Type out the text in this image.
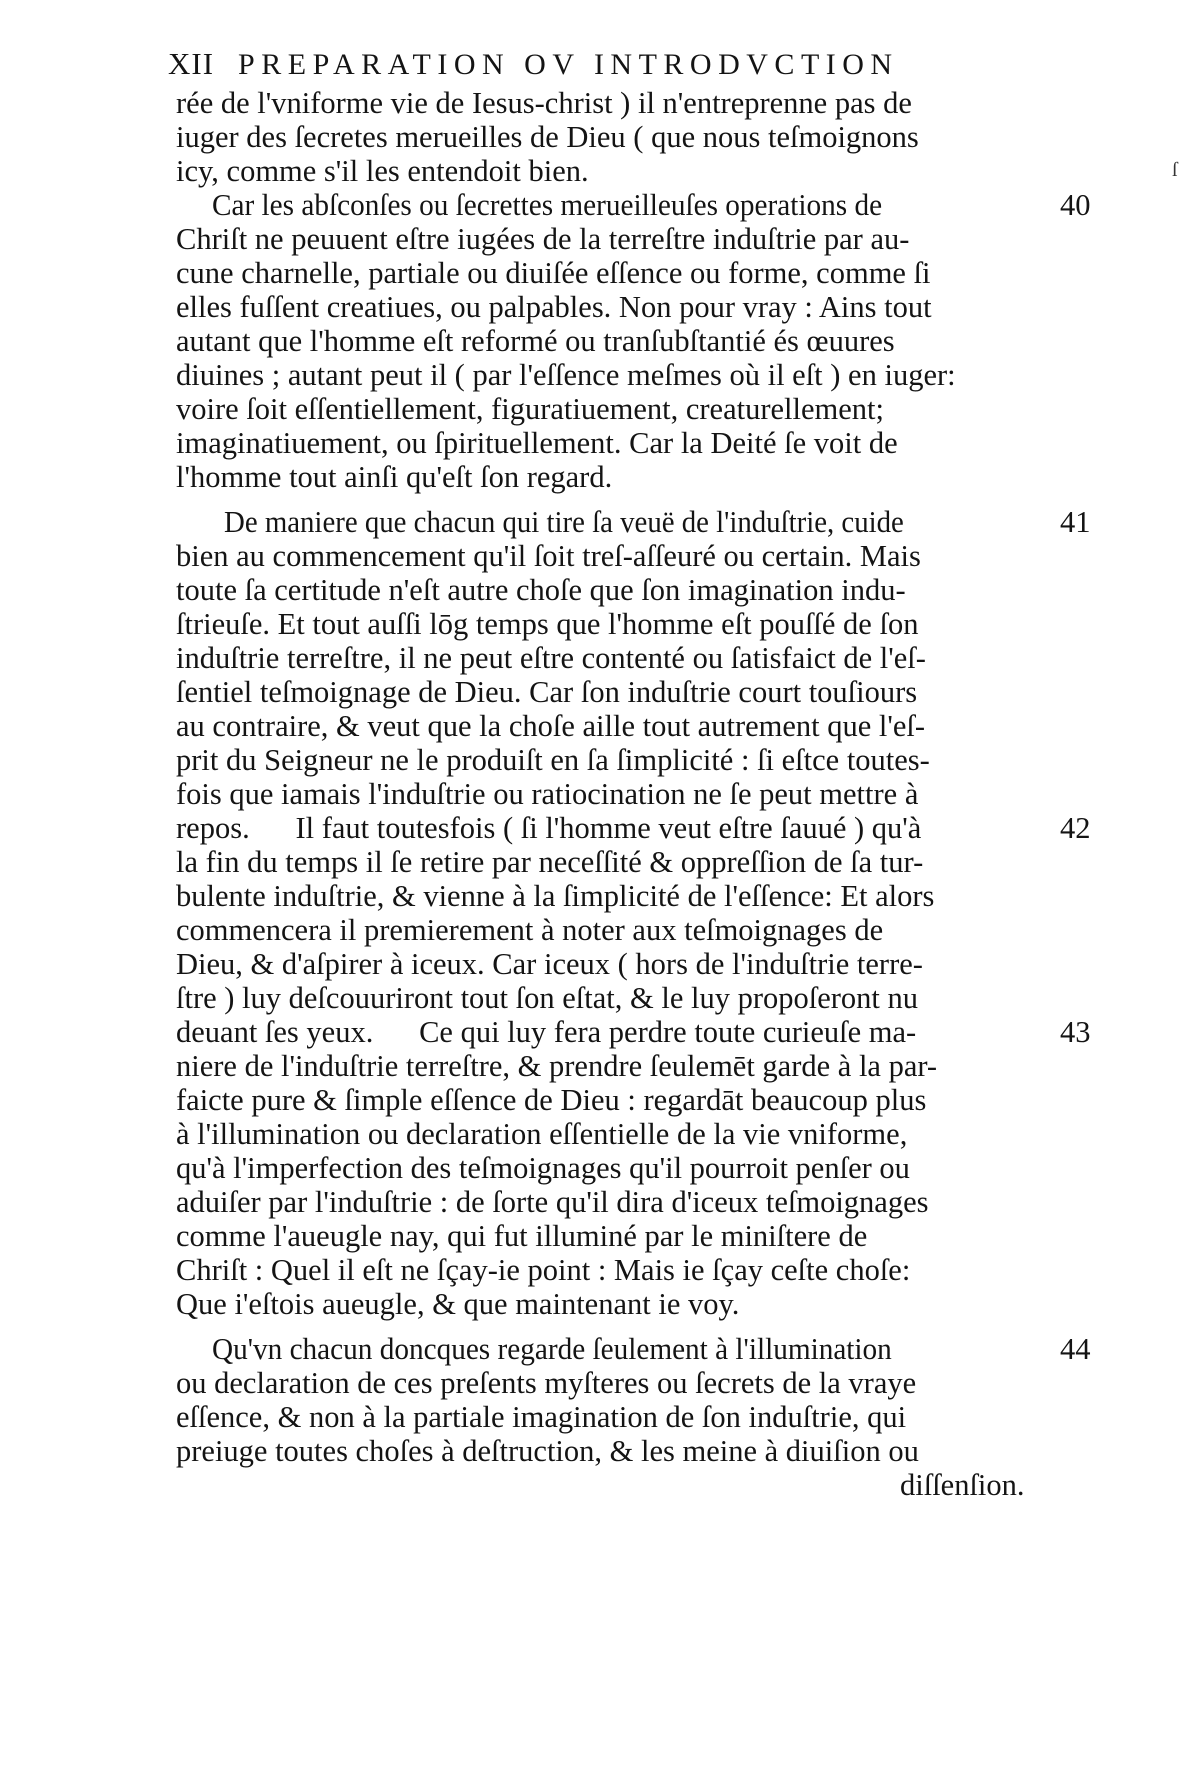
XII PREPARATION OV INTRODVCTION
rée de l'vniforme vie de Iesus-christ ) il n'entreprenne pas de
iuger des ſecretes merueilles de Dieu ( que nous teſmoignons
icy, comme s'il les entendoit bien.
Car les abſconſes ou ſecrettes merueilleuſes operations de
Chriſt ne peuuent eſtre iugées de la terreſtre induſtrie par au-
cune charnelle, partiale ou diuiſée eſſence ou forme, comme ſi
elles fuſſent creatiues, ou palpables. Non pour vray : Ains tout
autant que l'homme eſt reformé ou tranſubſtantié és œuures
diuines ; autant peut il ( par l'eſſence meſmes où il eſt ) en iuger:
voire ſoit eſſentiellement, figuratiuement, creaturellement;
imaginatiuement, ou ſpirituellement. Car la Deité ſe voit de
l'homme tout ainſi qu'eſt ſon regard.
De maniere que chacun qui tire ſa veuë de l'induſtrie, cuide
bien au commencement qu'il ſoit treſ-aſſeuré ou certain. Mais
toute ſa certitude n'eſt autre choſe que ſon imagination indu-
ſtrieuſe. Et tout auſſi lōg temps que l'homme eſt pouſſé de ſon
induſtrie terreſtre, il ne peut eſtre contenté ou ſatisfaict de l'eſ-
ſentiel teſmoignage de Dieu. Car ſon induſtrie court touſiours
au contraire, & veut que la choſe aille tout autrement que l'eſ-
prit du Seigneur ne le produiſt en ſa ſimplicité : ſi eſtce toutes-
fois que iamais l'induſtrie ou ratiocination ne ſe peut mettre à
repos.      Il faut toutesfois ( ſi l'homme veut eſtre ſauué ) qu'à
la fin du temps il ſe retire par neceſſité & oppreſſion de ſa tur-
bulente induſtrie, & vienne à la ſimplicité de l'eſſence: Et alors
commencera il premierement à noter aux teſmoignages de
Dieu, & d'aſpirer à iceux. Car iceux ( hors de l'induſtrie terre-
ſtre ) luy deſcouuriront tout ſon eſtat, & le luy propoſeront nu
deuant ſes yeux.      Ce qui luy fera perdre toute curieuſe ma-
niere de l'induſtrie terreſtre, & prendre ſeulemēt garde à la par-
faicte pure & ſimple eſſence de Dieu : regardāt beaucoup plus
à l'illumination ou declaration eſſentielle de la vie vniforme,
qu'à l'imperfection des teſmoignages qu'il pourroit penſer ou
aduiſer par l'induſtrie : de ſorte qu'il dira d'iceux teſmoignages
comme l'aueugle nay, qui fut illuminé par le miniſtere de
Chriſt : Quel il eſt ne ſçay-ie point : Mais ie ſçay ceſte choſe:
Que i'eſtois aueugle, & que maintenant ie voy.
Qu'vn chacun doncques regarde ſeulement à l'illumination
ou declaration de ces preſents myſteres ou ſecrets de la vraye
eſſence, & non à la partiale imagination de ſon induſtrie, qui
preiuge toutes choſes à deſtruction, & les meine à diuiſion ou
diſſenſion.
40
41
42
43
44
ſ
